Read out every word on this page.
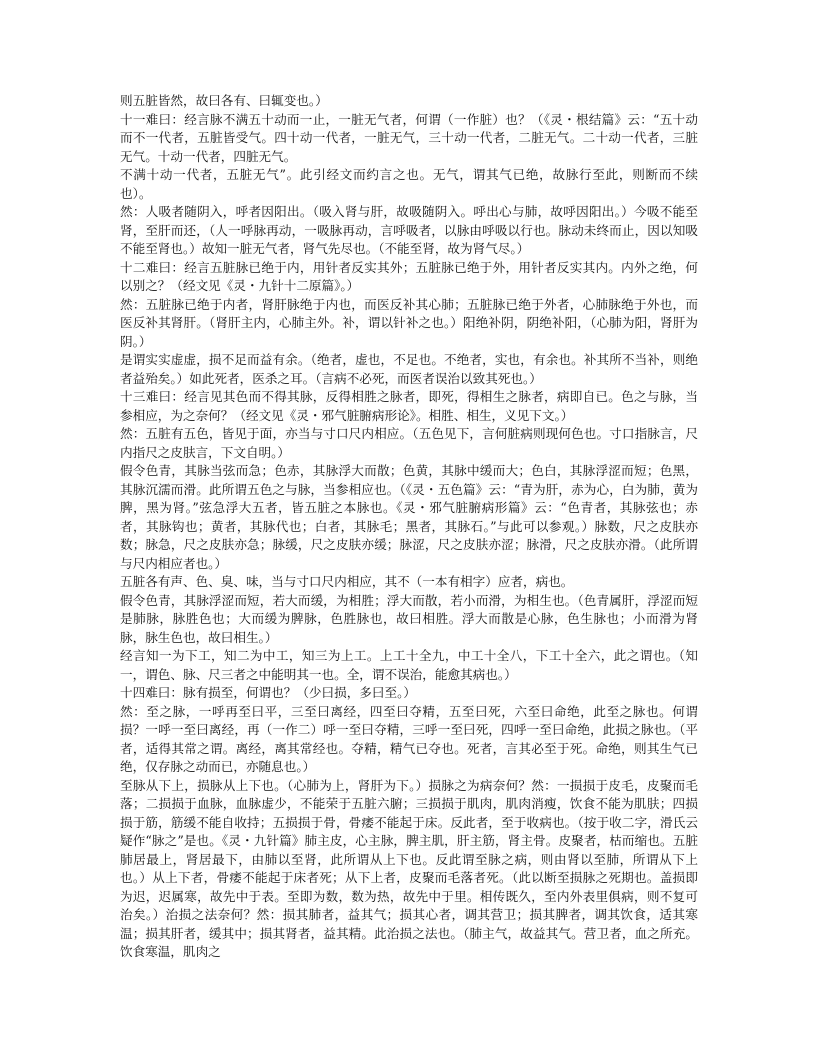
则五脏皆然，故曰各有、曰辄变也。）

十一难曰：经言脉不满五十动而一止，一脏无气者，何谓（一作脏）也？（《灵・根结篇》云：“五十动而不一代者，五脏皆受气。四十动一代者，一脏无气，三十动一代者，二脏无气。二十动一代者，三脏无气。十动一代者，四脏无气。

不满十动一代者，五脏无气”。此引经文而约言之也。无气，谓其气已绝，故脉行至此，则断而不续也）。

然：人吸者随阴入，呼者因阳出。（吸入肾与肝，故吸随阴入。呼出心与肺，故呼因阳出。）今吸不能至肾，至肝而还，（人一呼脉再动，一吸脉再动，言呼吸者，以脉由呼吸以行也。脉动未终而止，因以知吸不能至肾也。）故知一脏无气者，肾气先尽也。（不能至肾，故为肾气尽。）

十二难曰：经言五脏脉已绝于内，用针者反实其外；五脏脉已绝于外，用针者反实其内。内外之绝，何以别之？（经文见《灵・九针十二原篇》。）

然：五脏脉已绝于内者，肾肝脉绝于内也，而医反补其心肺；五脏脉已绝于外者，心肺脉绝于外也，而医反补其肾肝。（肾肝主内，心肺主外。补，谓以针补之也。）阳绝补阴，阴绝补阳，（心肺为阳，肾肝为阴。）

是谓实实虚虚，损不足而益有余。（绝者，虚也，不足也。不绝者，实也，有余也。补其所不当补，则绝者益殆矣。）如此死者，医杀之耳。（言病不必死，而医者误治以致其死也。）

十三难曰：经言见其色而不得其脉，反得相胜之脉者，即死，得相生之脉者，病即自已。色之与脉，当参相应，为之奈何？（经文见《灵・邪气脏腑病形论》。相胜、相生，义见下文。）

然：五脏有五色，皆见于面，亦当与寸口尺内相应。（五色见下，言何脏病则现何色也。寸口指脉言，尺内指尺之皮肤言，下文自明。）

假令色青，其脉当弦而急；色赤，其脉浮大而散；色黄，其脉中缓而大；色白，其脉浮涩而短；色黑，其脉沉濡而滑。此所谓五色之与脉，当参相应也。（《灵・五色篇》云：“青为肝，赤为心，白为肺，黄为脾，黑为肾。”弦急浮大五者，皆五脏之本脉也。《灵・邪气脏腑病形篇》云：“色青者，其脉弦也；赤者，其脉钩也；黄者，其脉代也；白者，其脉毛；黑者，其脉石。”与此可以参观。）脉数，尺之皮肤亦数；脉急，尺之皮肤亦急；脉缓，尺之皮肤亦缓；脉涩，尺之皮肤亦涩；脉滑，尺之皮肤亦滑。（此所谓与尺内相应者也。）

五脏各有声、色、臭、味，当与寸口尺内相应，其不（一本有相字）应者，病也。

假令色青，其脉浮涩而短，若大而缓，为相胜；浮大而散，若小而滑，为相生也。（色青属肝，浮涩而短是肺脉，脉胜色也；大而缓为脾脉，色胜脉也，故曰相胜。浮大而散是心脉，色生脉也；小而滑为肾脉，脉生色也，故曰相生。）

经言知一为下工，知二为中工，知三为上工。上工十全九，中工十全八，下工十全六，此之谓也。（知一，谓色、脉、尺三者之中能明其一也。全，谓不误治，能愈其病也。）

十四难曰：脉有损至，何谓也？（少曰损，多曰至。）

然：至之脉，一呼再至曰平，三至曰离经，四至曰夺精，五至曰死，六至曰命绝，此至之脉也。何谓损？一呼一至曰离经，再（一作二）呼一至曰夺精，三呼一至曰死，四呼一至曰命绝，此损之脉也。（平者，适得其常之谓。离经，离其常经也。夺精，精气已夺也。死者，言其必至于死。命绝，则其生气已绝，仅存脉之动而已，亦随息也。）

至脉从下上，损脉从上下也。（心肺为上，肾肝为下。）损脉之为病奈何？然：一损损于皮毛，皮聚而毛落；二损损于血脉，血脉虚少，不能荣于五脏六腑；三损损于肌肉，肌肉消瘦，饮食不能为肌肤；四损损于筋，筋缓不能自收持；五损损于骨，骨痿不能起于床。反此者，至于收病也。（按于收二字，滑氏云疑作“脉之”是也。《灵・九针篇》肺主皮，心主脉，脾主肌，肝主筋，肾主骨。皮聚者，枯而缩也。五脏肺居最上，肾居最下，由肺以至肾，此所谓从上下也。反此谓至脉之病，则由肾以至肺，所谓从下上也。）从上下者，骨痿不能起于床者死；从下上者，皮聚而毛落者死。（此以断至损脉之死期也。盖损即为迟，迟属寒，故先中于表。至即为数，数为热，故先中于里。相传既久，至内外表里俱病，则不复可治矣。）治损之法奈何？然：损其肺者，益其气；损其心者，调其营卫；损其脾者，调其饮食，适其寒温；损其肝者，缓其中；损其肾者，益其精。此治损之法也。（肺主气，故益其气。营卫者，血之所充。饮食寒温，肌肉之
